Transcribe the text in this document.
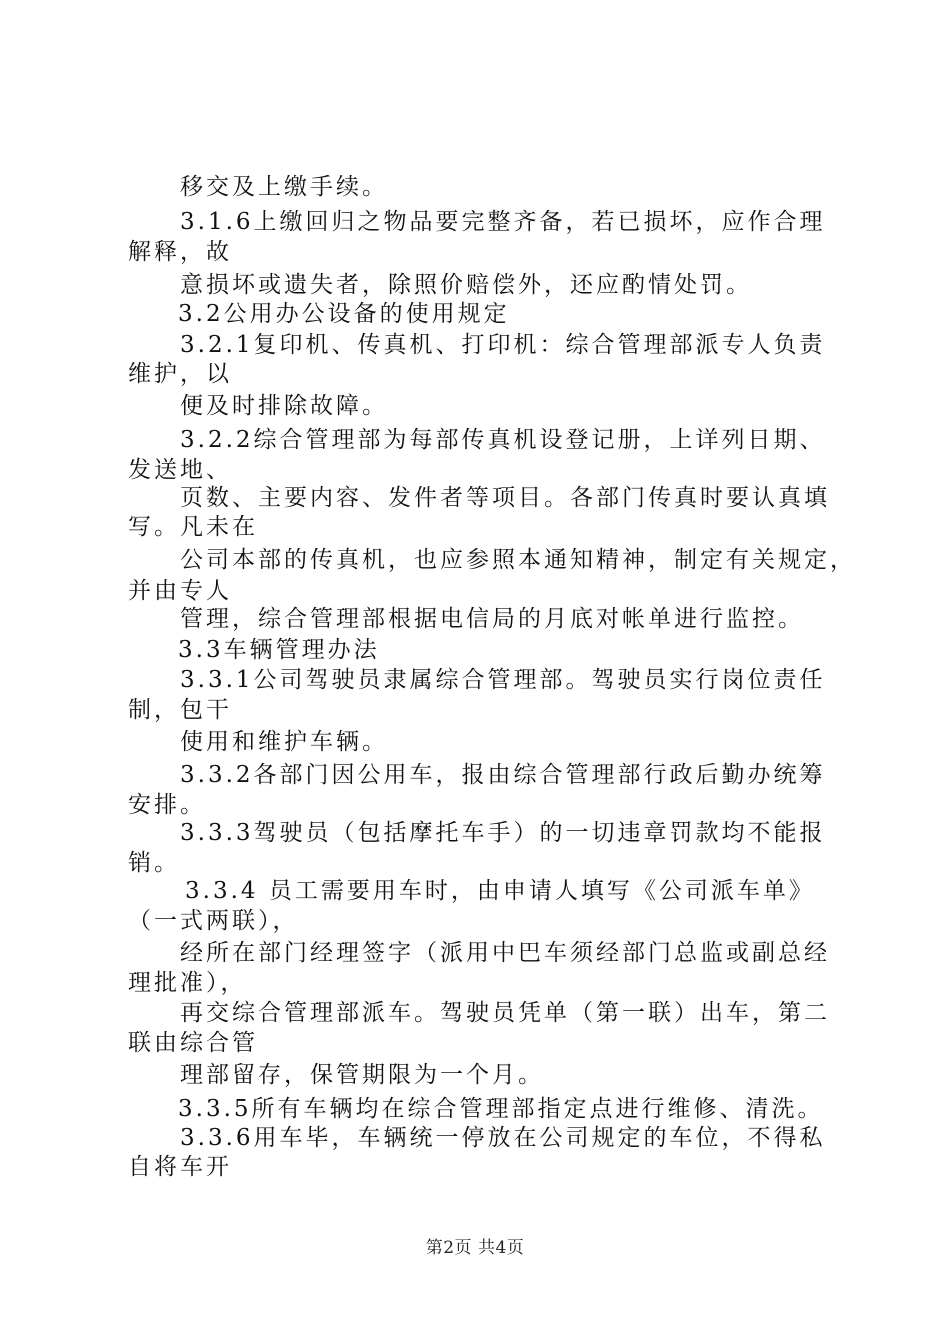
移交及上缴手续。
3.1.6上缴回归之物品要完整齐备，若已损坏，应作合理
解释，故
意损坏或遗失者，除照价赔偿外，还应酌情处罚。
3.2公用办公设备的使用规定
3.2.1复印机、传真机、打印机：综合管理部派专人负责
维护，以
便及时排除故障。
3.2.2综合管理部为每部传真机设登记册，上详列日期、
发送地、
页数、主要内容、发件者等项目。各部门传真时要认真填
写。凡未在
公司本部的传真机，也应参照本通知精神，制定有关规定，
并由专人
管理，综合管理部根据电信局的月底对帐单进行监控。
3.3车辆管理办法
3.3.1公司驾驶员隶属综合管理部。驾驶员实行岗位责任
制，包干
使用和维护车辆。
3.3.2各部门因公用车，报由综合管理部行政后勤办统筹
安排。
3.3.3驾驶员（包括摩托车手）的一切违章罚款均不能报
销。
3.3.4 员工需要用车时，由申请人填写《公司派车单》
（一式两联），
经所在部门经理签字（派用中巴车须经部门总监或副总经
理批准），
再交综合管理部派车。驾驶员凭单（第一联）出车，第二
联由综合管
理部留存，保管期限为一个月。
3.3.5所有车辆均在综合管理部指定点进行维修、清洗。
3.3.6用车毕，车辆统一停放在公司规定的车位，不得私
自将车开
第2页 共4页
